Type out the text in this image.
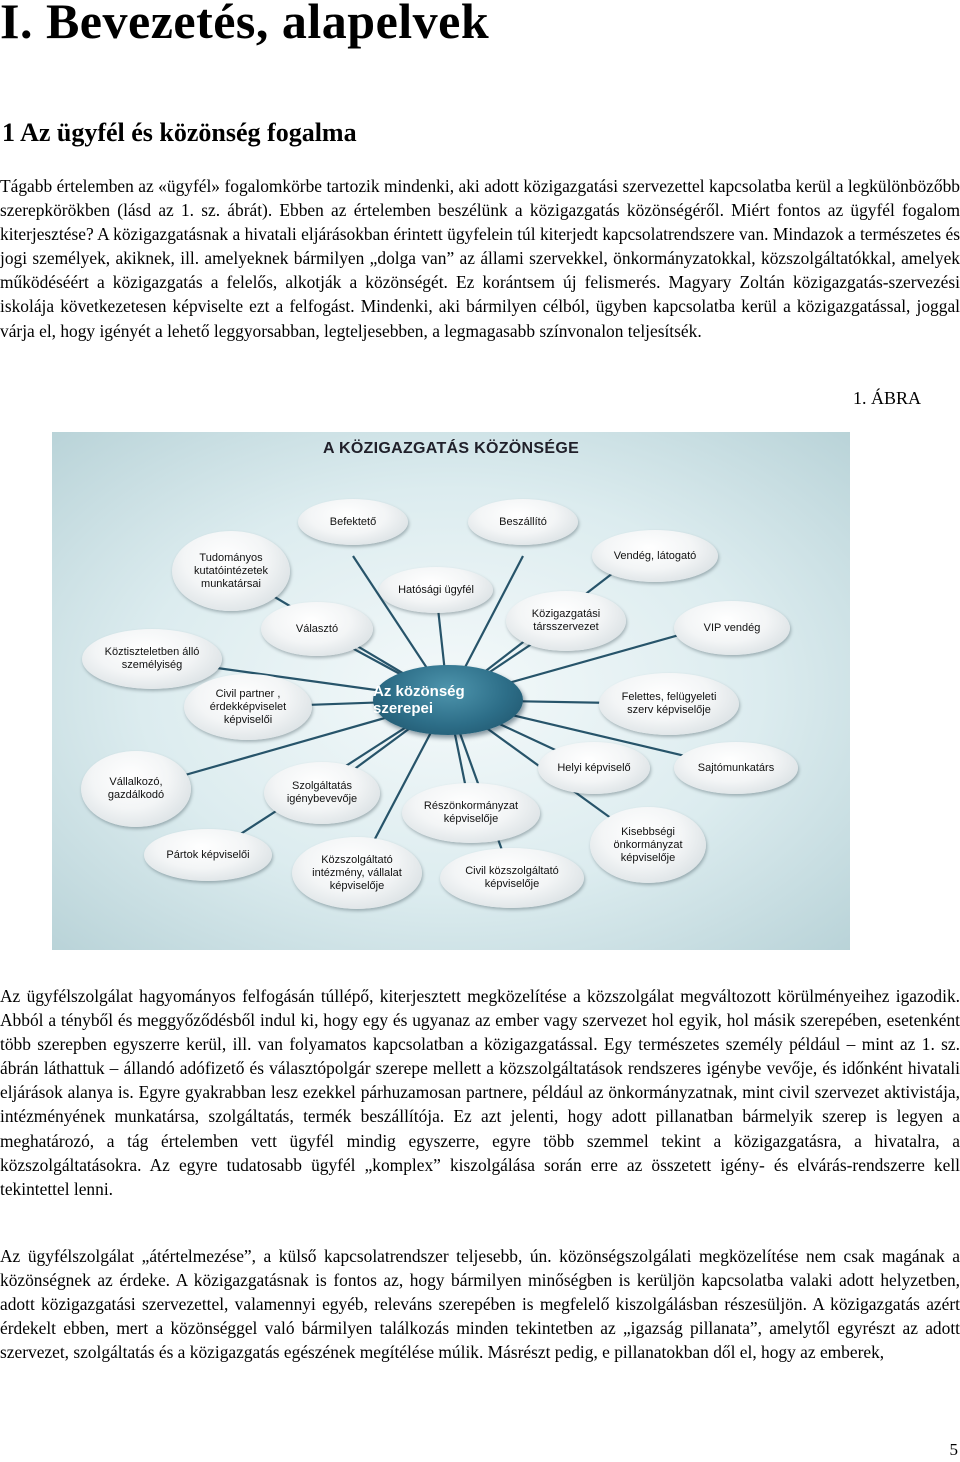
I. Bevezetés, alapelvek
1 Az ügyfél és közönség fogalma

Tágabb értelemben az «ügyfél» fogalomkörbe tartozik mindenki, aki adott közigazgatási szervezettel kapcsolatba kerül a legkülönbözőbb szerepkörökben (lásd az 1. sz. ábrát). Ebben az értelemben beszélünk a közigazgatás közönségéről. Miért fontos az ügyfél fogalom kiterjesztése? A közigazgatásnak a hivatali eljárásokban érintett ügyfelein túl kiterjedt kapcsolatrendszere van. Mindazok a természetes és jogi személyek, akiknek, ill. amelyeknek bármilyen „dolga van” az állami szervekkel, önkormányzatokkal, közszolgáltatókkal, amelyek működéséért a közigazgatás a felelős, alkotják a közönségét. Ez korántsem új felismerés. Magyary Zoltán közigazgatás-szervezési iskolája következetesen képviselte ezt a felfogást. Mindenki, aki bármilyen célból, ügyben kapcsolatba kerül a közigazgatással, joggal várja el, hogy igényét a lehető leggyorsabban, legteljesebben, a legmagasabb színvonalon teljesítsék.

1. ÁBRA
A KÖZIGAZGATÁS KÖZÖNSÉGE
Az közönség szerepei
Befektető	Beszállító
Tudományos
kutatóintézetek
munkatársai
Vendég, látogató
Hatósági ügyfél
Választó
Közigazgatási
társszervezet	VIP vendég
Köztiszteletben álló
személyiség
Civil partner ,
érdekképviselet
képviselői
Felettes, felügyeleti
szerv képviselője
Vállalkozó,
gazdálkodó
Helyi képviselő	Sajtómunkatárs
Szolgáltatás
igénybevevője
Részönkormányzat
képviselője
Kisebbségi
önkormányzat
képviselője
Pártok képviselői	Közszolgáltató
intézmény, vállalat
képviselője
Civil közszolgáltató
képviselője

Az ügyfélszolgálat hagyományos felfogásán túllépő, kiterjesztett megközelítése a közszolgálat megváltozott körülményeihez igazodik. Abból a tényből és meggyőződésből indul ki, hogy egy és ugyanaz az ember vagy szervezet hol egyik, hol másik szerepében, esetenként több szerepben egyszerre kerül, ill. van folyamatos kapcsolatban a közigazgatással. Egy természetes személy például – mint az 1. sz. ábrán láthattuk – állandó adófizető és választópolgár szerepe mellett a közszolgáltatások rendszeres igénybe vevője, és időnként hivatali eljárások alanya is. Egyre gyakrabban lesz ezekkel párhuzamosan partnere, például az önkormányzatnak, mint civil szervezet aktivistája, intézményének munkatársa, szolgáltatás, termék beszállítója. Ez azt jelenti, hogy adott pillanatban bármelyik szerep is legyen a meghatározó, a tág értelemben vett ügyfél mindig egyszerre, egyre több szemmel tekint a közigazgatásra, a hivatalra, a közszolgáltatásokra. Az egyre tudatosabb ügyfél „komplex” kiszolgálása során erre az összetett igény- és elvárás-rendszerre kell tekintettel lenni.

Az ügyfélszolgálat „átértelmezése”, a külső kapcsolatrendszer teljesebb, ún. közönségszolgálati megközelítése nem csak magának a közönségnek az érdeke. A közigazgatásnak is fontos az, hogy bármilyen minőségben is kerüljön kapcsolatba valaki adott helyzetben, adott közigazgatási szervezettel, valamennyi egyéb, releváns szerepében is megfelelő kiszolgálásban részesüljön. A közigazgatás azért érdekelt ebben, mert a közönséggel való bármilyen találkozás minden tekintetben az „igazság pillanata”, amelytől egyrészt az adott szervezet, szolgáltatás és a közigazgatás egészének megítélése múlik. Másrészt pedig, e pillanatokban dől el, hogy az emberek,

5
